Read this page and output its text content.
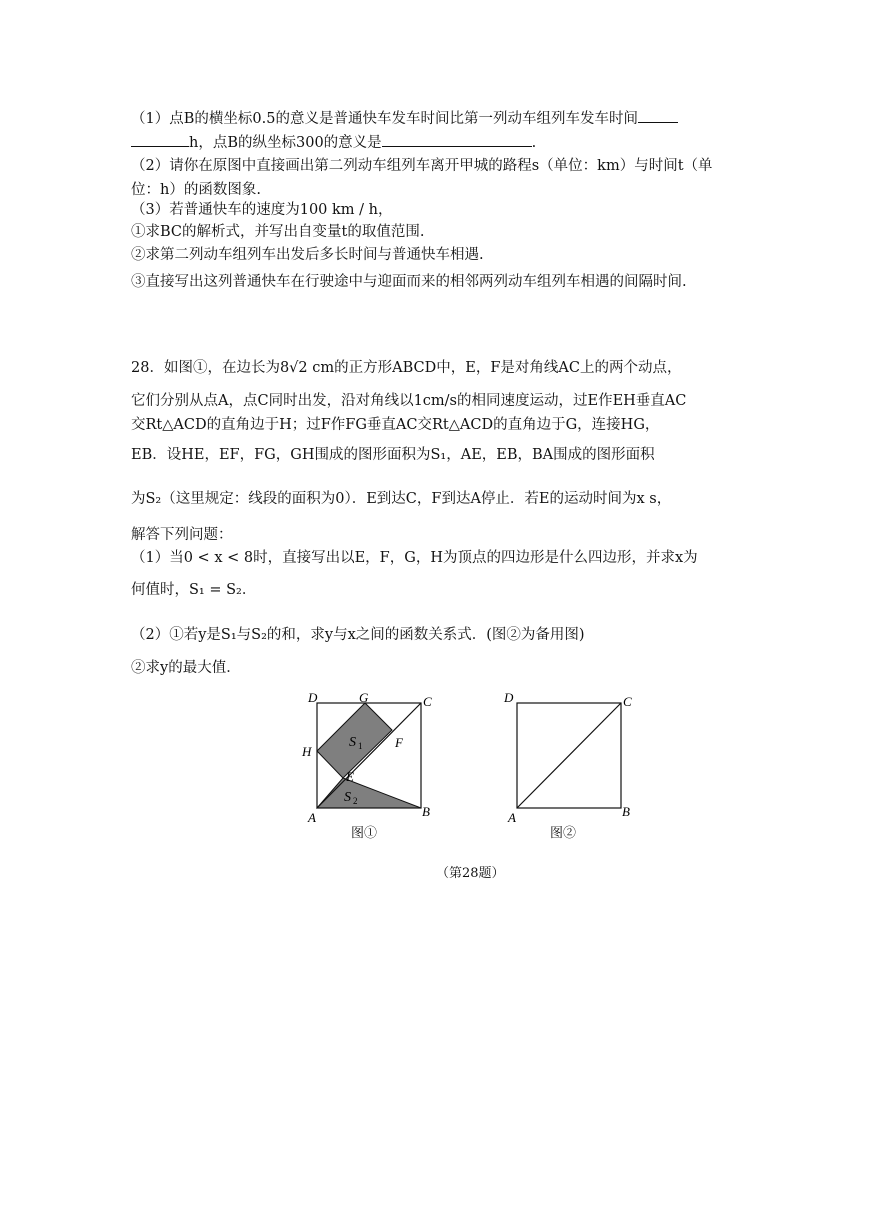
（1）点B的横坐标0.5的意义是普通快车发车时间比第一列动车组列车发车时间
h，点B的纵坐标300的意义是	.
（2）请你在原图中直接画出第二列动车组列车离开甲城的路程s（单位：km）与时间t（单
位：h）的函数图象.
（3）若普通快车的速度为100 km / h，
①求BC的解析式，并写出自变量t的取值范围.
②求第二列动车组列车出发后多长时间与普通快车相遇.
③直接写出这列普通快车在行驶途中与迎面而来的相邻两列动车组列车相遇的间隔时间.
28．如图①，在边长为8√2 cm的正方形ABCD中，E，F是对角线AC上的两个动点，
它们分别从点A，点C同时出发，沿对角线以1cm/s的相同速度运动，过E作EH垂直AC
交Rt△ACD的直角边于H；过F作FG垂直AC交Rt△ACD的直角边于G，连接HG，
EB．设HE，EF，FG，GH围成的图形面积为S₁，AE，EB，BA围成的图形面积
为S₂（这里规定：线段的面积为0）．E到达C，F到达A停止．若E的运动时间为x s，
解答下列问题：
（1）当0 < x < 8时，直接写出以E，F，G，H为顶点的四边形是什么四边形，并求x为
何值时，S₁ = S₂．
（2）①若y是S₁与S₂的和，求y与x之间的函数关系式．(图②为备用图)
②求y的最大值．
D	G	C
H
F
E
A	B
S 1
S 2
图①
D	C
A	B
图②
（第28题）
